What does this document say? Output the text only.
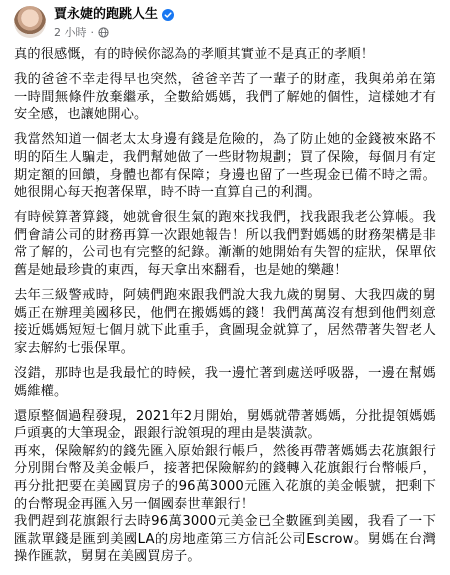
賈永婕的跑跳人生
2 小時 ·

真的很感慨，有的時候你認為的孝順其實並不是真正的孝順！

我的爸爸不幸走得早也突然，爸爸辛苦了一輩子的財產，我與弟弟在第一時間無條件放棄繼承，全數給媽媽，我們了解她的個性，這樣她才有安全感，也讓她開心。

我當然知道一個老太太身邊有錢是危險的，為了防止她的金錢被來路不明的陌生人騙走，我們幫她做了一些財物規劃；買了保險，每個月有定期定額的回饋，身體也都有保障；身邊也留了一些現金已備不時之需。她很開心每天抱著保單，時不時一直算自己的利潤。

有時候算著算錢，她就會很生氣的跑來找我們，找我跟我老公算帳。我們會請公司的財務再算一次跟她報告！所以我們對媽媽的財務架構是非常了解的，公司也有完整的紀錄。漸漸的她開始有失智的症狀，保單依舊是她最珍貴的東西，每天拿出來翻看，也是她的樂趣！

去年三級警戒時，阿姨們跑來跟我們說大我九歲的舅舅、大我四歲的舅媽正在辦理美國移民，他們在搬媽媽的錢！我們萬萬沒有想到他們刻意接近媽媽短短七個月就下此重手，貪圖現金就算了，居然帶著失智老人家去解約七張保單。

沒錯，那時也是我最忙的時候，我一邊忙著到處送呼吸器，一邊在幫媽媽維權。

還原整個過程發現，2021年2月開始，舅媽就帶著媽媽，分批提領媽媽戶頭裏的大筆現金，跟銀行說領現的理由是裝潢款。
再來，保險解約的錢先匯入原始銀行帳戶，然後再帶著媽媽去花旗銀行分別開台幣及美金帳戶，接著把保險解約的錢轉入花旗銀行台幣帳戶，再分批把要在美國買房子的96萬3000元匯入花旗的美金帳號，把剩下的台幣現金再匯入另一個國泰世華銀行！
我們趕到花旗銀行去時96萬3000元美金已全數匯到美國，我看了一下匯款單錢是匯到美國LA的房地產第三方信託公司Escrow。舅媽在台灣操作匯款，舅舅在美國買房子。
